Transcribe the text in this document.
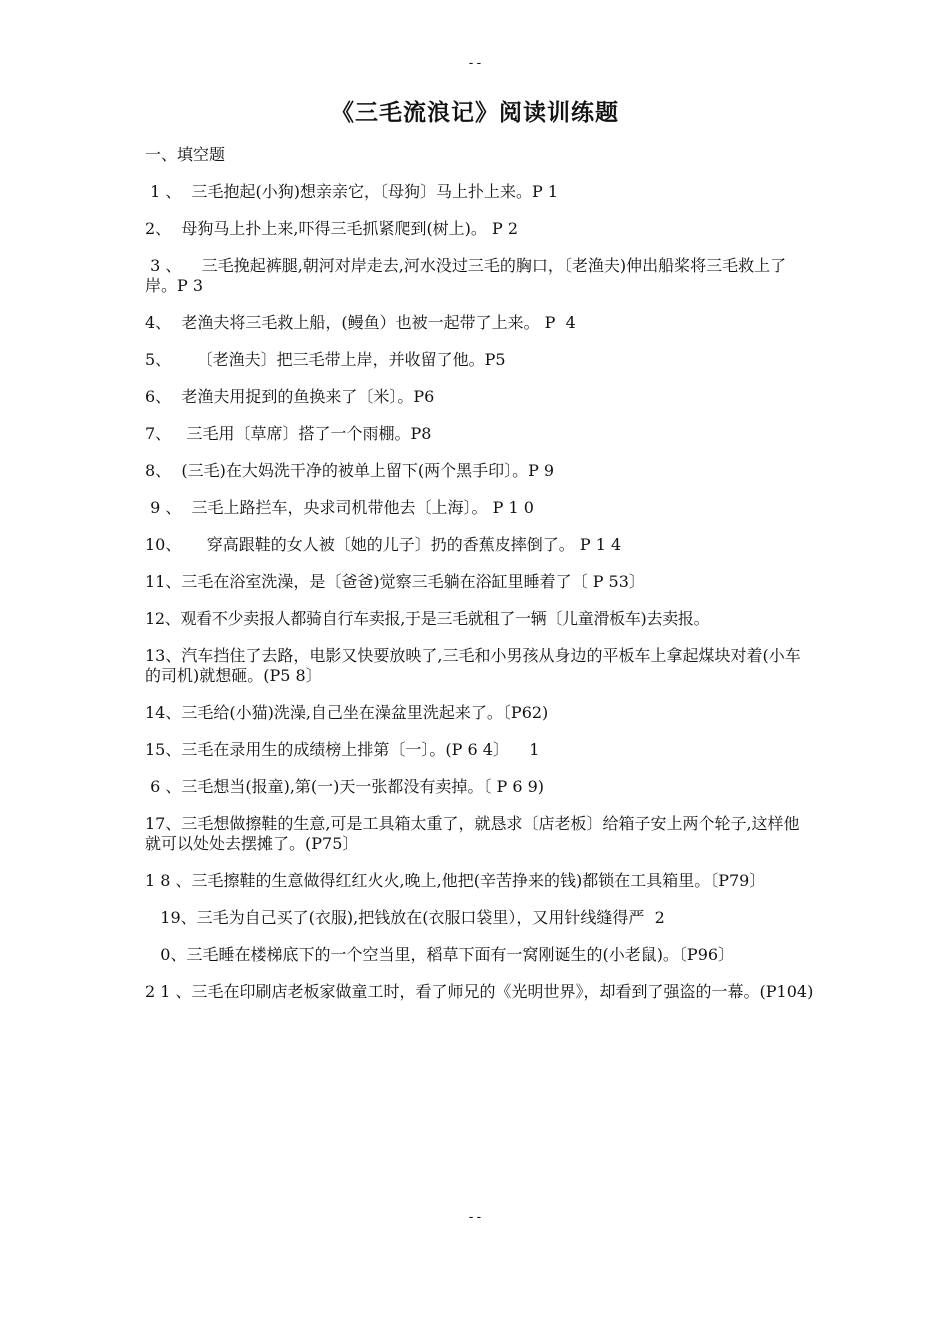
--
《三毛流浪记》阅读训练题
一、填空题
1 、  三毛抱起(小狗)想亲亲它，〔母狗〕马上扑上来。P 1
2、  母狗马上扑上来,吓得三毛抓紧爬到(树上)。 P 2
3 、    三毛挽起裤腿,朝河对岸走去,河水没过三毛的胸口，〔老渔夫)伸出船桨将三毛救上了岸。P 3
4、  老渔夫将三毛救上船，(鳗鱼）也被一起带了上来。 P  4
5、     〔老渔夫〕把三毛带上岸，并收留了他。P5
6、  老渔夫用捉到的鱼换来了〔米〕。P6
7、   三毛用〔草席〕搭了一个雨棚。P8
8、  (三毛)在大妈洗干净的被单上留下(两个黑手印〕。P 9
9 、  三毛上路拦车，央求司机带他去〔上海〕。 P 1 0
10、     穿高跟鞋的女人被〔她的儿子〕扔的香蕉皮摔倒了。 P 1 4
11、三毛在浴室洗澡，是〔爸爸)觉察三毛躺在浴缸里睡着了〔 P 53〕
12、观看不少卖报人都骑自行车卖报,于是三毛就租了一辆〔儿童滑板车)去卖报。
13、汽车挡住了去路，电影又快要放映了,三毛和小男孩从身边的平板车上拿起煤块对着(小车的司机)就想砸。(P5 8〕
14、三毛给(小猫)洗澡,自己坐在澡盆里洗起来了。〔P62)
15、三毛在录用生的成绩榜上排第〔一〕。(P 6 4〕    1
6 、三毛想当(报童),第(一)天一张都没有卖掉。〔 P 6 9)
17、三毛想做擦鞋的生意,可是工具箱太重了，就恳求〔店老板〕给箱子安上两个轮子,这样他就可以处处去摆摊了。(P75〕
1 8 、三毛擦鞋的生意做得红红火火,晚上,他把(辛苦挣来的钱)都锁在工具箱里。〔P79〕
19、三毛为自己买了(衣服),把钱放在(衣服口袋里），又用针线缝得严  2
0、三毛睡在楼梯底下的一个空当里，稻草下面有一窝刚诞生的(小老鼠)。〔P96〕
2 1 、三毛在印刷店老板家做童工时，看了师兄的《光明世界》，却看到了强盗的一幕。(P104)
--
